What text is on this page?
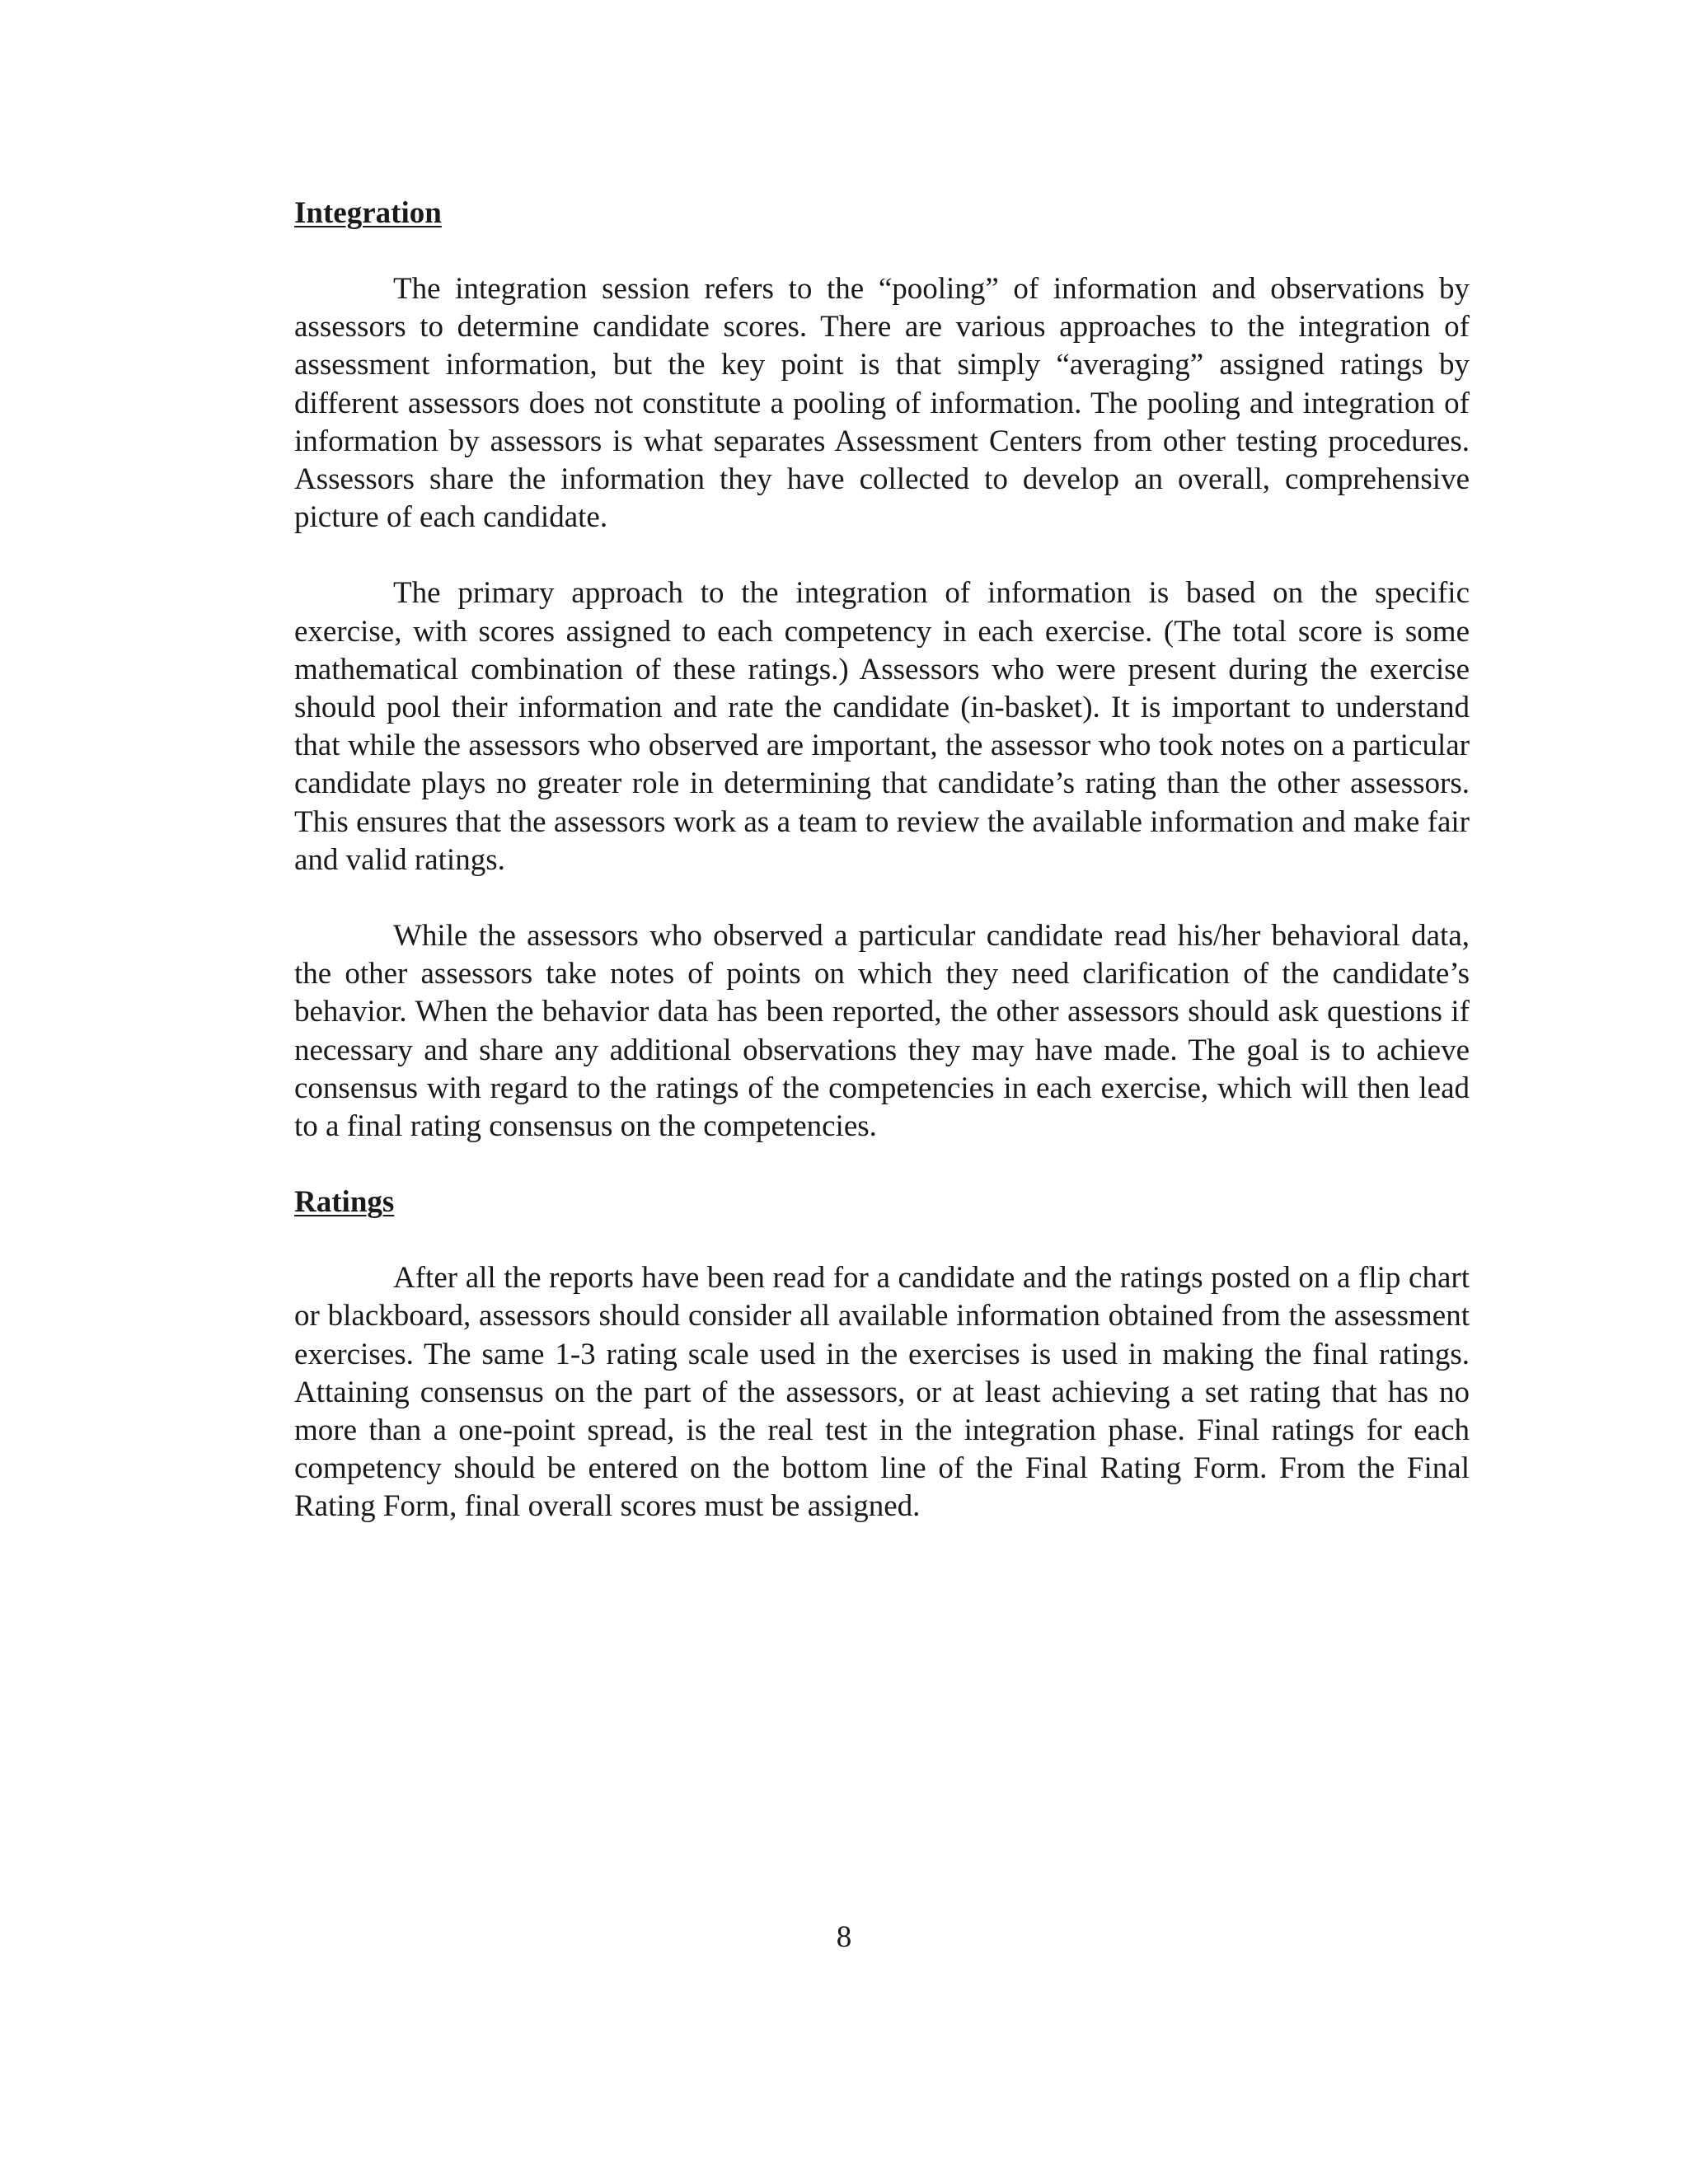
Integration

The integration session refers to the “pooling” of information and observations by assessors to determine candidate scores. There are various approaches to the integration of assessment information, but the key point is that simply “averaging” assigned ratings by different assessors does not constitute a pooling of information. The pooling and integration of information by assessors is what separates Assessment Centers from other testing procedures. Assessors share the information they have collected to develop an overall, comprehensive picture of each candidate.

The primary approach to the integration of information is based on the specific exercise, with scores assigned to each competency in each exercise. (The total score is some mathematical combination of these ratings.) Assessors who were present during the exercise should pool their information and rate the candidate (in-basket). It is important to understand that while the assessors who observed are important, the assessor who took notes on a particular candidate plays no greater role in determining that candidate’s rating than the other assessors. This ensures that the assessors work as a team to review the available information and make fair and valid ratings.

While the assessors who observed a particular candidate read his/her behavioral data, the other assessors take notes of points on which they need clarification of the candidate’s behavior. When the behavior data has been reported, the other assessors should ask questions if necessary and share any additional observations they may have made. The goal is to achieve consensus with regard to the ratings of the competencies in each exercise, which will then lead to a final rating consensus on the competencies.

Ratings

After all the reports have been read for a candidate and the ratings posted on a flip chart or blackboard, assessors should consider all available information obtained from the assessment exercises. The same 1-3 rating scale used in the exercises is used in making the final ratings. Attaining consensus on the part of the assessors, or at least achieving a set rating that has no more than a one-point spread, is the real test in the integration phase. Final ratings for each competency should be entered on the bottom line of the Final Rating Form. From the Final Rating Form, final overall scores must be assigned.

8
